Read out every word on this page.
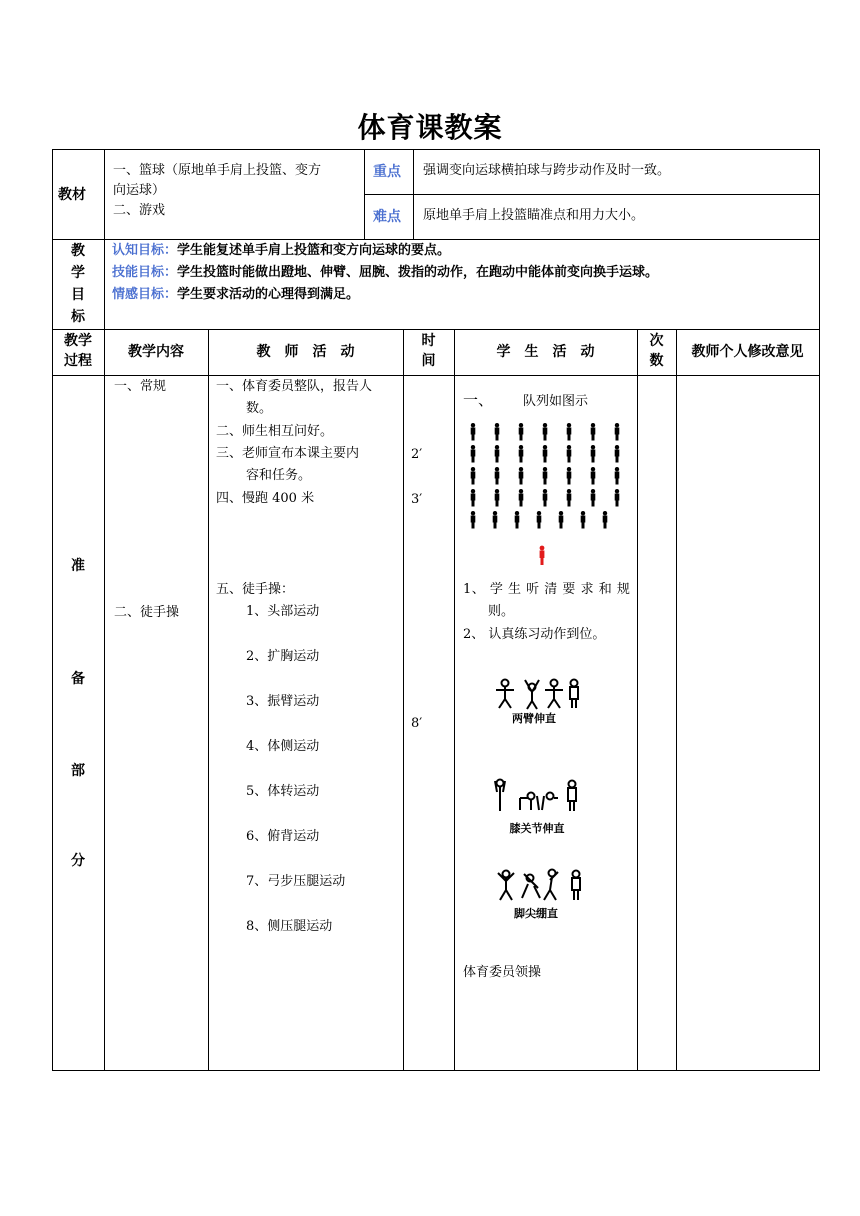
体育课教案
教材
一、篮球（原地单手肩上投篮、变方
向运球）
二、游戏
重点 强调变向运球横拍球与跨步动作及时一致。
难点 原地单手肩上投篮瞄准点和用力大小。
教
学
目
标
认知目标：学生能复述单手肩上投篮和变方向运球的要点。
技能目标：学生投篮时能做出蹬地、伸臂、屈腕、拨指的动作，在跑动中能体前变向换手运球。
情感目标：学生要求活动的心理得到满足。
教学
过程
教学内容	教　师　活　动
时
间
学　生　活　动
次
数
教师个人修改意见
准
备
部
分
一、常规
二、徒手操
一、体育委员整队，报告人
数。
二、师生相互问好。
三、老师宣布本课主要内
容和任务。
四、慢跑 400 米
五、徒手操：
1、头部运动
2、扩胸运动
3、振臂运动
4、体侧运动
5、体转运动
6、俯背运动
7、弓步压腿运动
8、侧压腿运动
2′
3′
8′
一、 队列如图示
1、 学 生 听 清 要 求 和 规
则。
2、 认真练习动作到位。
两臂伸直
膝关节伸直
脚尖绷直
体育委员领操
